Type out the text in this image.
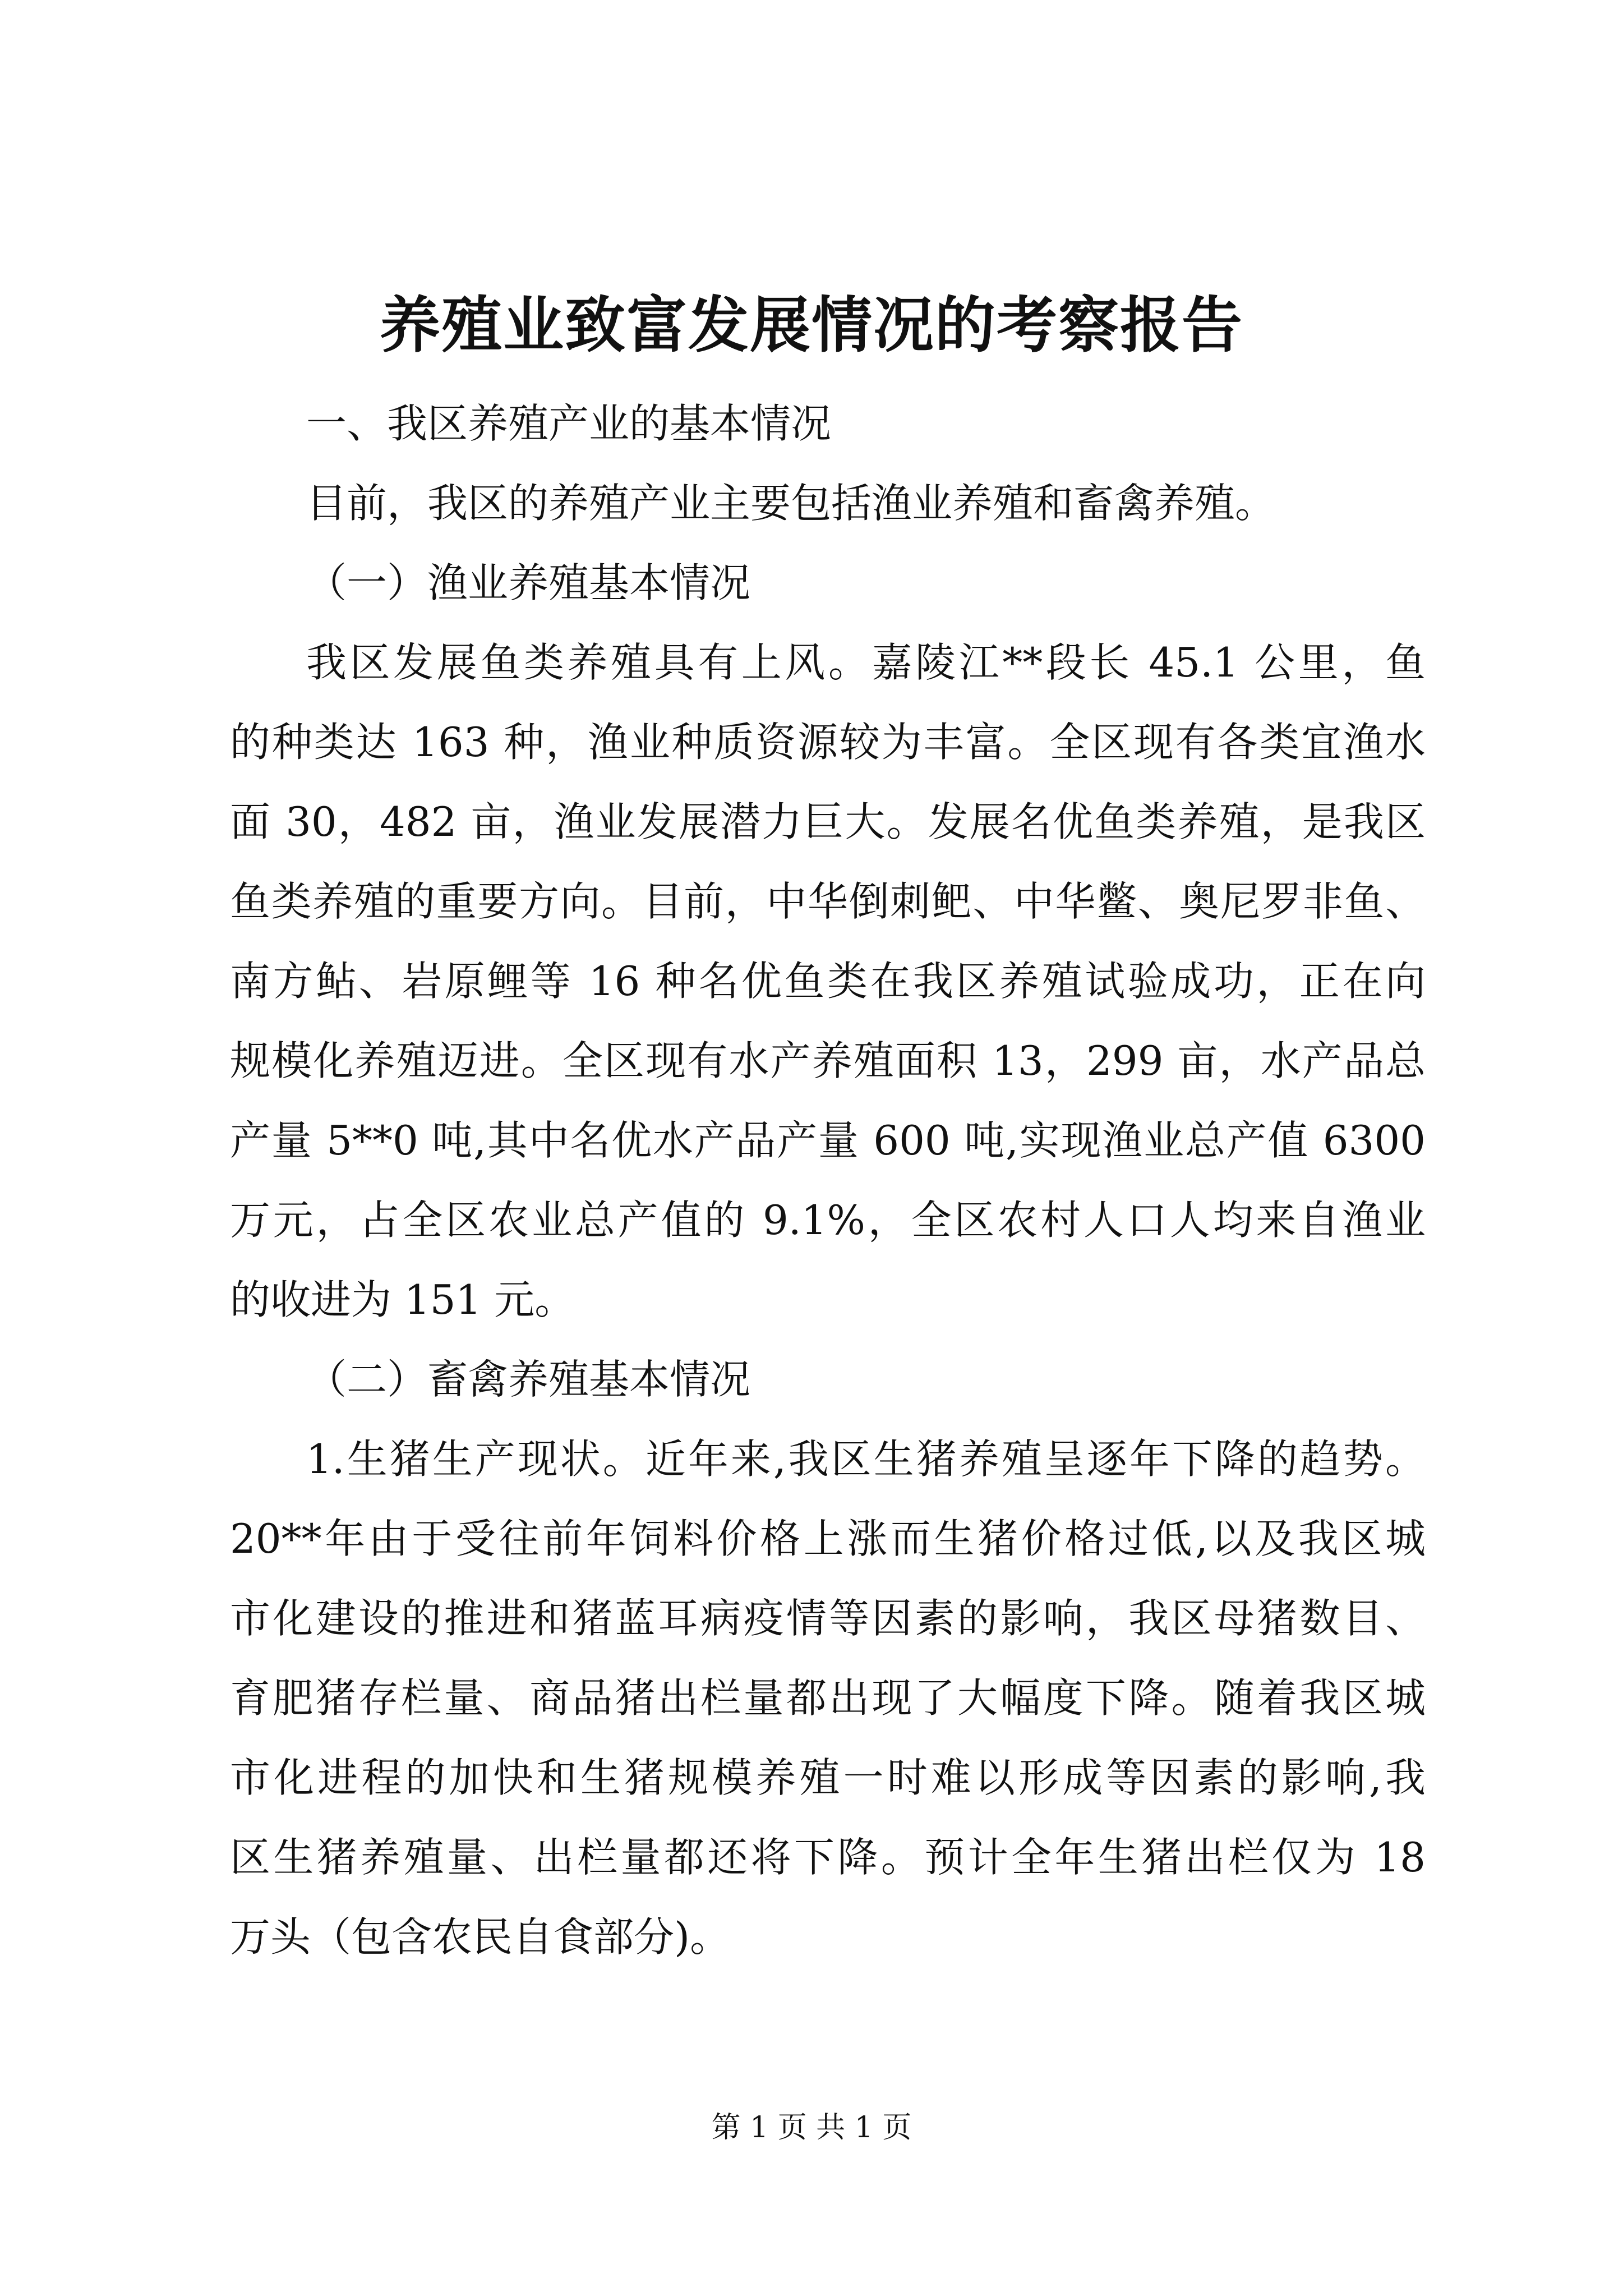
养殖业致富发展情况的考察报告
一、我区养殖产业的基本情况
目前，我区的养殖产业主要包括渔业养殖和畜禽养殖。
（一）渔业养殖基本情况
我区发展鱼类养殖具有上风。嘉陵江**段长 45.1 公里，鱼
的种类达 163 种，渔业种质资源较为丰富。全区现有各类宜渔水
面 30，482 亩，渔业发展潜力巨大。发展名优鱼类养殖，是我区
鱼类养殖的重要方向。目前，中华倒刺鲃、中华鳖、奥尼罗非鱼、
南方鲇、岩原鲤等 16 种名优鱼类在我区养殖试验成功，正在向
规模化养殖迈进。全区现有水产养殖面积 13，299 亩，水产品总
产量 5**0 吨,其中名优水产品产量 600 吨,实现渔业总产值 6300
万元，占全区农业总产值的 9.1%，全区农村人口人均来自渔业
的收进为 151 元。
（二）畜禽养殖基本情况
1.生猪生产现状。近年来,我区生猪养殖呈逐年下降的趋势。
20**年由于受往前年饲料价格上涨而生猪价格过低,以及我区城
市化建设的推进和猪蓝耳病疫情等因素的影响，我区母猪数目、
育肥猪存栏量、商品猪出栏量都出现了大幅度下降。随着我区城
市化进程的加快和生猪规模养殖一时难以形成等因素的影响,我
区生猪养殖量、出栏量都还将下降。预计全年生猪出栏仅为 18
万头（包含农民自食部分)。
第 1 页 共 1 页
